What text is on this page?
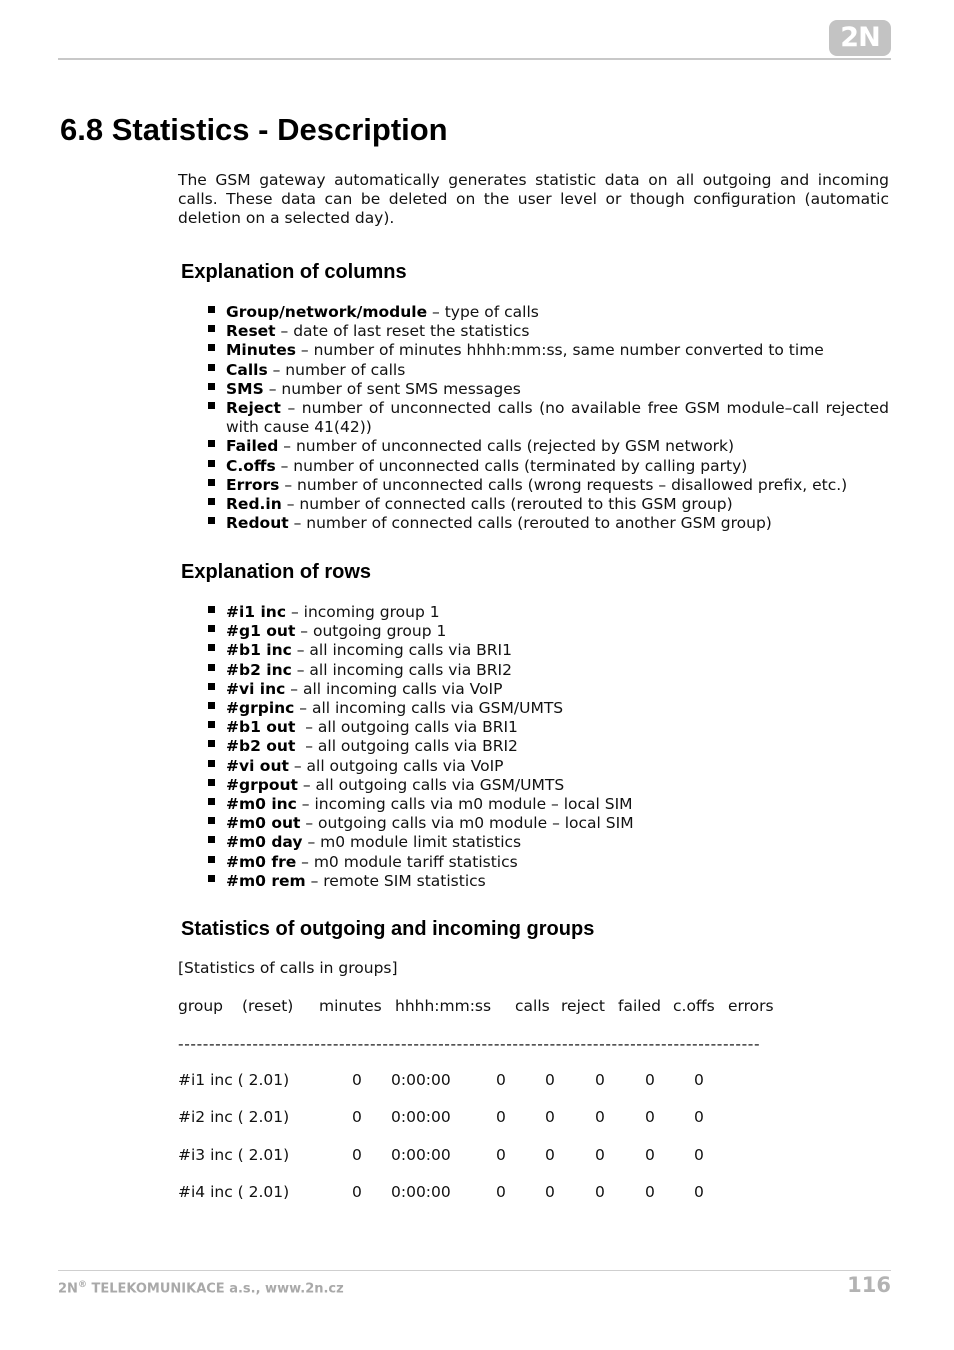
2N
6.8 Statistics - Description

The GSM gateway automatically generates statistic data on all outgoing and incoming calls. These data can be deleted on the user level or though configuration (automatic deletion on a selected day).

Explanation of columns
Group/network/module – type of calls
Reset – date of last reset the statistics
Minutes – number of minutes hhhh:mm:ss, same number converted to time
Calls – number of calls
SMS – number of sent SMS messages
Reject – number of unconnected calls (no available free GSM module–call rejected with cause 41(42))
Failed – number of unconnected calls (rejected by GSM network)
C.offs – number of unconnected calls (terminated by calling party)
Errors – number of unconnected calls (wrong requests – disallowed prefix, etc.)
Red.in – number of connected calls (rerouted to this GSM group)
Redout – number of connected calls (rerouted to another GSM group)
Explanation of rows
#i1 inc – incoming group 1
#g1 out – outgoing group 1
#b1 inc – all incoming calls via BRI1
#b2 inc – all incoming calls via BRI2
#vi inc – all incoming calls via VoIP
#grpinc – all incoming calls via GSM/UMTS
#b1 out  – all outgoing calls via BRI1
#b2 out  – all outgoing calls via BRI2
#vi out – all outgoing calls via VoIP
#grpout – all outgoing calls via GSM/UMTS
#m0 inc – incoming calls via m0 module – local SIM
#m0 out – outgoing calls via m0 module – local SIM
#m0 day – m0 module limit statistics
#m0 fre – m0 module tariff statistics
#m0 rem – remote SIM statistics
Statistics of outgoing and incoming groups
[Statistics of calls in groups]
group (reset) minutes hhhh:mm:ss calls reject failed c.offs errors
----------------------------------------------------------------------------------------------
#i1 inc ( 2.01)	0 0:00:00	0	0	0	0	0
#i2 inc ( 2.01)	0 0:00:00	0	0	0	0	0
#i3 inc ( 2.01)	0 0:00:00	0	0	0	0	0
#i4 inc ( 2.01)	0 0:00:00	0	0	0	0	0
2N® TELEKOMUNIKACE a.s., www.2n.cz	116
